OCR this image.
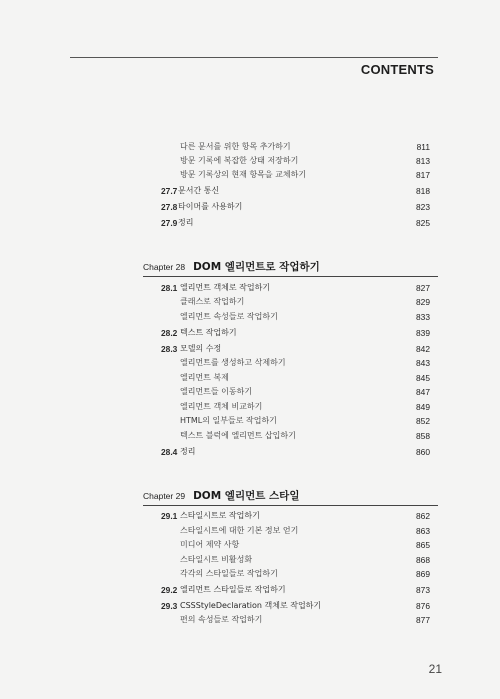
CONTENTS
다른 문서를 위한 항목 추가하기	811
방문 기록에 복잡한 상태 저장하기	813
방문 기록상의 현재 항목을 교체하기	817
27.7 문서간 통신	818
27.8 타이머를 사용하기	823
27.9 정리	825
Chapter 28 DOM 엘리먼트로 작업하기
28.1 엘리먼트 객체로 작업하기	827
클래스로 작업하기	829
엘리먼트 속성들로 작업하기	833
28.2 텍스트 작업하기	839
28.3 모델의 수정	842
엘리먼트를 생성하고 삭제하기	843
엘리먼트 복제	845
엘리먼트들 이동하기	847
엘리먼트 객체 비교하기	849
HTML의 일부들로 작업하기	852
텍스트 블럭에 엘리먼트 삽입하기	858
28.4 정리	860
Chapter 29 DOM 엘리먼트 스타일
29.1 스타일시트로 작업하기	862
스타일시트에 대한 기본 정보 얻기	863
미디어 제약 사항	865
스타일시트 비활성화	868
각각의 스타일들로 작업하기	869
29.2 엘리먼트 스타일들로 작업하기	873
29.3 CSSStyleDeclaration 객체로 작업하기	876
편의 속성들로 작업하기	877
21
